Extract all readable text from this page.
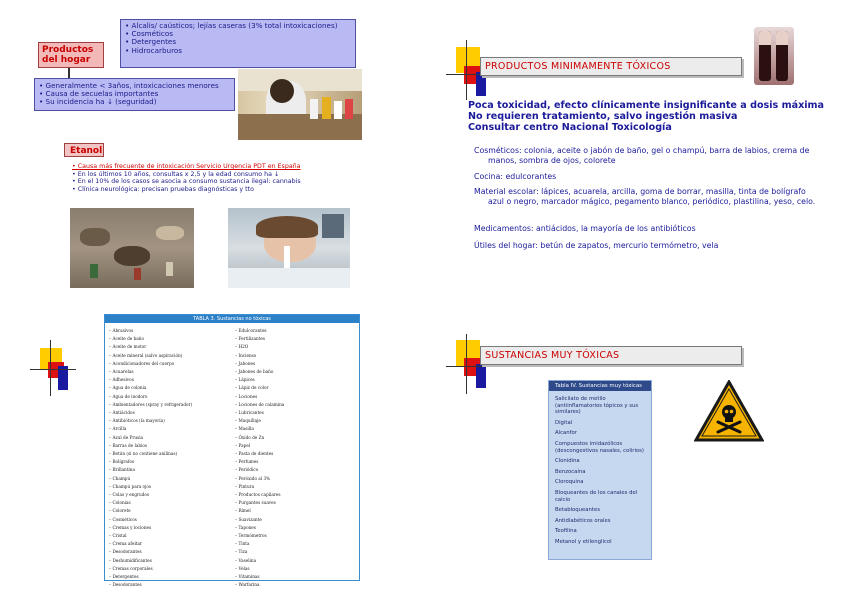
• Alcalis/ caústicos; lejías caseras (3% total intoxicaciones)
• Cosméticos
• Detergentes
• Hidrocarburos
Productos del hogar
• Generalmente < 3años, intoxicaciones menores
• Causa de secuelas importantes
• Su incidencia ha ↓ (seguridad)
Etanol
• Causa más frecuente de intoxicación Servicio Urgencia PDT en España
• En los últimos 10 años, consultas x 2,5 y la edad consumo ha ↓
• En el 10% de los casos se asocia a consumo sustancia ilegal: cannabis
• Clínica neurológica: precisan pruebas diagnósticas y tto
PRODUCTOS MINIMAMENTE TÓXICOS
Poca toxicidad, efecto clínicamente insignificante a dosis máxima
No requieren tratamiento, salvo ingestión masiva
Consultar centro Nacional Toxicología
Cosméticos: colonia, aceite o jabón de baño, gel o champú, barra de labios, crema de manos, sombra de ojos, colorete
Cocina: edulcorantes
Material escolar: lápices, acuarela, arcilla, goma de borrar, masilla, tinta de bolígrafo azul o negro, marcador mágico, pegamento blanco, periódico, plastilina, yeso, celo.
Medicamentos: antiácidos, la mayoría de los antibióticos
Útiles del hogar: betún de zapatos, mercurio termómetro, vela
TABLA 3. Sustancias no tóxicas
– Abrasivos
– Aceite de baño
– Aceite de motor
– Aceite mineral (salvo aspiración)
– Acondicionadores del cuerpo
– Acuarelas
– Adhesivos
– Agua de colonia
– Agua de inodoro
– Ambientadores (spray y refrigerador)
– Antiácidos
– Antibióticos (la mayoría)
– Arcilla
– Azul de Prusia
– Barras de labios
– Betún (si no contiene anilinas)
– Bolígrafos
– Brillantina
– Champú
– Champú para ojos
– Colas y engrudos
– Colonias
– Colorete
– Cosméticos
– Cremas y lociones
– Cristal
– Crema afeitar
– Desodorantes
– Deshumidificantes
– Cremas corporales
– Detergentes
– Desodorantes
– Edulcorantes
– Fertilizantes
– H2O
– Incienso
– Jabones
– Jabones de baño
– Lápices
– Lápiz de color
– Lociones
– Lociones de calamina
– Lubricantes
– Maquillaje
– Masilla
– Óxido de Zn
– Papel
– Pasta de dientes
– Perfumes
– Periódico
– Peróxido al 3%
– Pintura
– Productos capilares
– Purgantes suaves
– Rímel
– Suavizante
– Tapones
– Termómetros
– Tinta
– Tiza
– Vaselina
– Velas
– Vitaminas
– Warfarina
SUSTANCIAS MUY TÓXICAS
Tabla IV. Sustancias muy tóxicas
Salicilato de metilo (antiinflamatorios tópicos y sus similares)
Digital
Alcanfor
Compuestos imidazólicos (descongestivos nasales, colirios)
Clonidina
Benzocaína
Cloroquina
Bloqueantes de los canales del calcio
Betabloqueantes
Antidiabéticos orales
Teofilina
Metanol y etilenglicol
